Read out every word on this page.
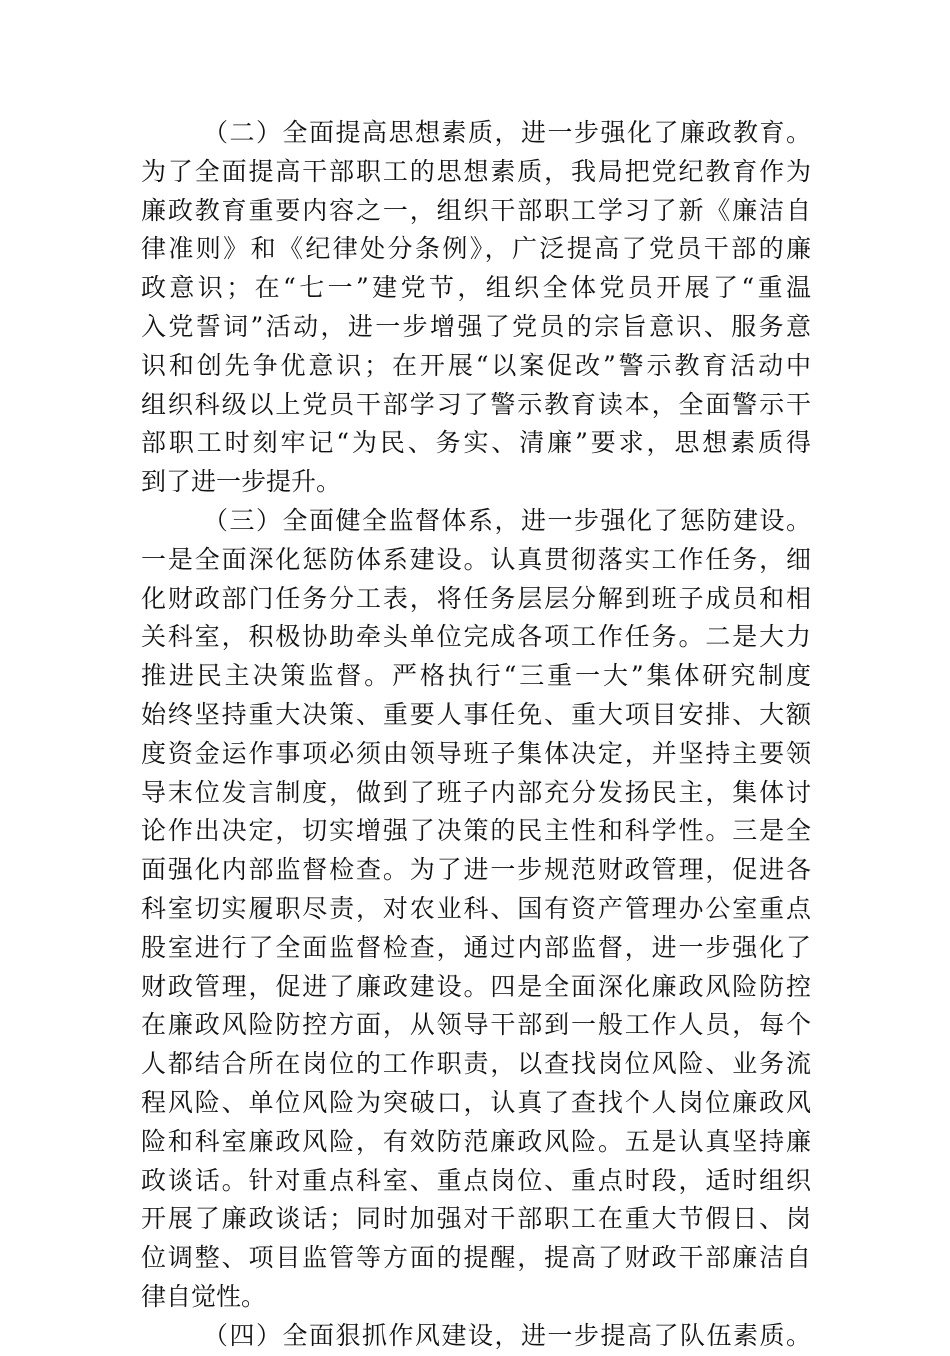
（二）全面提高思想素质，进一步强化了廉政教育。
为了全面提高干部职工的思想素质，我局把党纪教育作为
廉政教育重要内容之一，组织干部职工学习了新《廉洁自
律准则》和《纪律处分条例》，广泛提高了党员干部的廉
政意识；在“七一”建党节，组织全体党员开展了“重温
入党誓词”活动，进一步增强了党员的宗旨意识、服务意
识和创先争优意识；在开展“以案促改”警示教育活动中
组织科级以上党员干部学习了警示教育读本，全面警示干
部职工时刻牢记“为民、务实、清廉”要求，思想素质得
到了进一步提升。
（三）全面健全监督体系，进一步强化了惩防建设。
一是全面深化惩防体系建设。认真贯彻落实工作任务，细
化财政部门任务分工表，将任务层层分解到班子成员和相
关科室，积极协助牵头单位完成各项工作任务。二是大力
推进民主决策监督。严格执行“三重一大”集体研究制度
始终坚持重大决策、重要人事任免、重大项目安排、大额
度资金运作事项必须由领导班子集体决定，并坚持主要领
导末位发言制度，做到了班子内部充分发扬民主，集体讨
论作出决定，切实增强了决策的民主性和科学性。三是全
面强化内部监督检查。为了进一步规范财政管理，促进各
科室切实履职尽责，对农业科、国有资产管理办公室重点
股室进行了全面监督检查，通过内部监督，进一步强化了
财政管理，促进了廉政建设。四是全面深化廉政风险防控
在廉政风险防控方面，从领导干部到一般工作人员，每个
人都结合所在岗位的工作职责，以查找岗位风险、业务流
程风险、单位风险为突破口，认真了查找个人岗位廉政风
险和科室廉政风险，有效防范廉政风险。五是认真坚持廉
政谈话。针对重点科室、重点岗位、重点时段，适时组织
开展了廉政谈话；同时加强对干部职工在重大节假日、岗
位调整、项目监管等方面的提醒，提高了财政干部廉洁自
律自觉性。
（四）全面狠抓作风建设，进一步提高了队伍素质。
